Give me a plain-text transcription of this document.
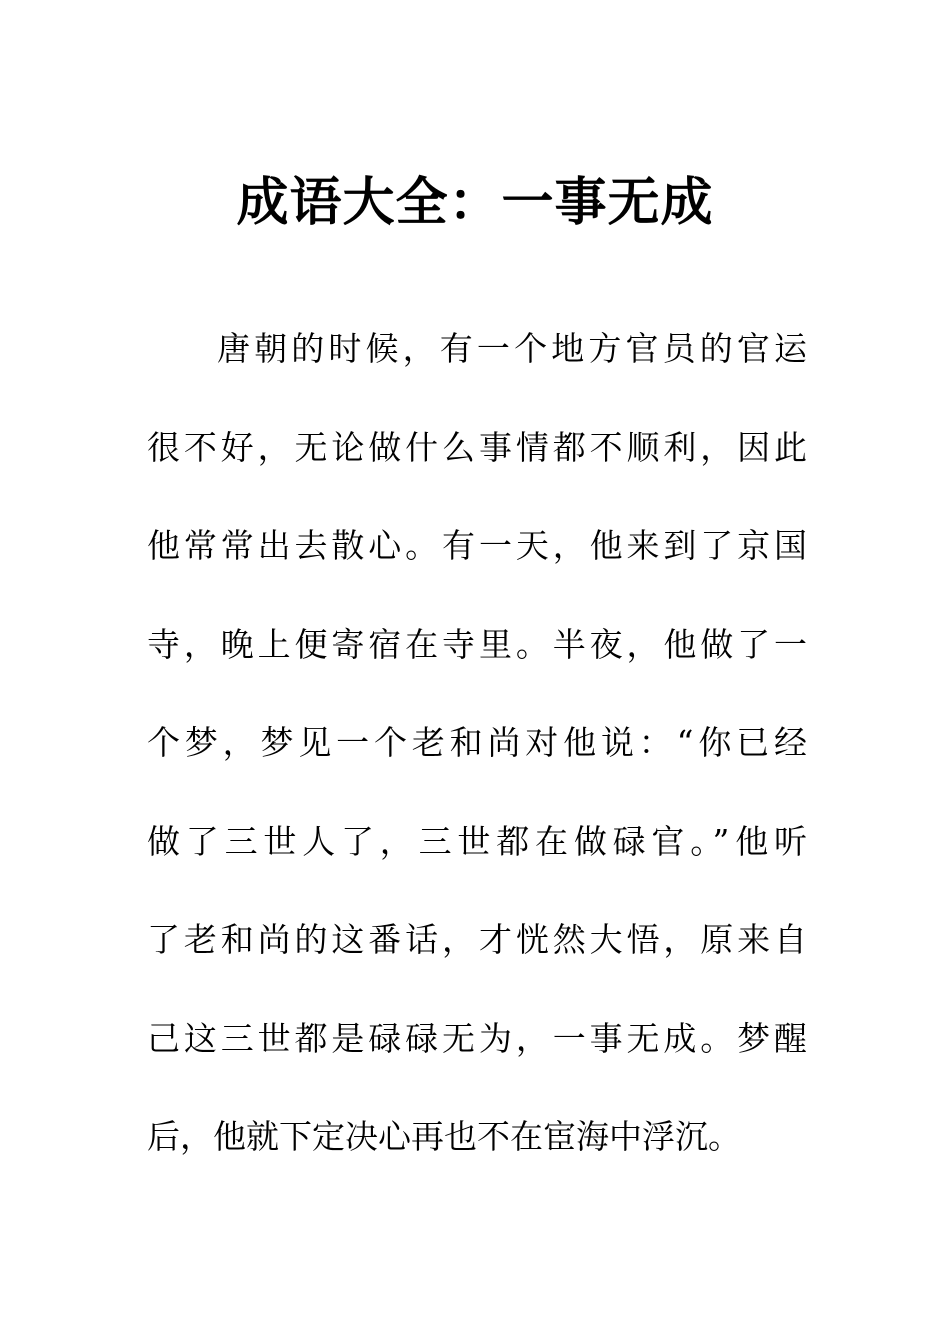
成语大全：一事无成
唐朝的时候，有一个地方官员的官运
很不好，无论做什么事情都不顺利，因此
他常常出去散心。有一天，他来到了京国
寺，晚上便寄宿在寺里。半夜，他做了一
个梦，梦见一个老和尚对他说：“你已经
做了三世人了，三世都在做碌官。”他听
了老和尚的这番话，才恍然大悟，原来自
己这三世都是碌碌无为，一事无成。梦醒
后，他就下定决心再也不在宦海中浮沉。
